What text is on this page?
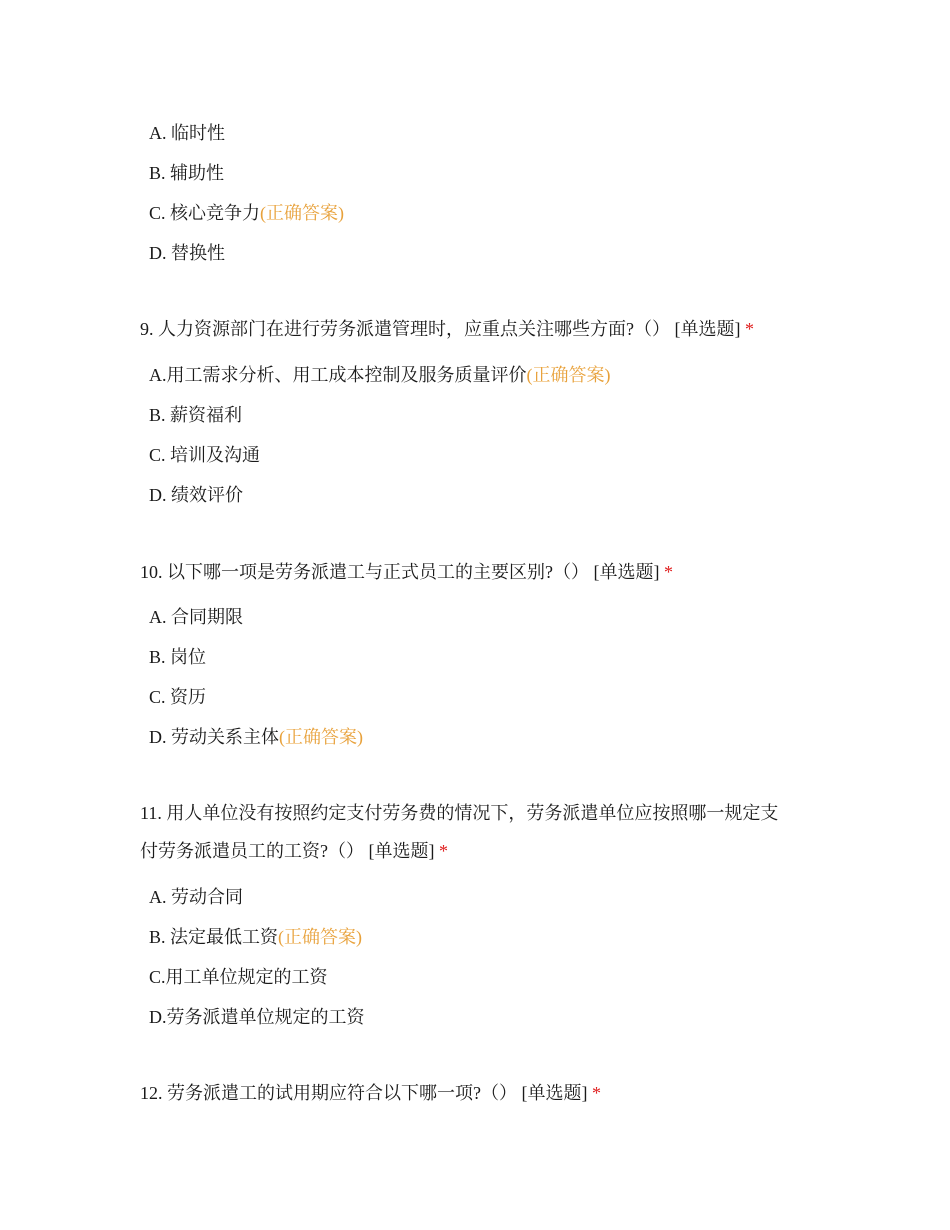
A. 临时性
B. 辅助性
C. 核心竞争力(正确答案)
D. 替换性
9. 人力资源部门在进行劳务派遣管理时，应重点关注哪些方面?（） [单选题] *
A.用工需求分析、用工成本控制及服务质量评价(正确答案)
B. 薪资福利
C. 培训及沟通
D. 绩效评价
10. 以下哪一项是劳务派遣工与正式员工的主要区别?（） [单选题] *
A. 合同期限
B. 岗位
C. 资历
D. 劳动关系主体(正确答案)
11. 用人单位没有按照约定支付劳务费的情况下，劳务派遣单位应按照哪一规定支
付劳务派遣员工的工资?（） [单选题] *
A. 劳动合同
B. 法定最低工资(正确答案)
C.用工单位规定的工资
D.劳务派遣单位规定的工资
12. 劳务派遣工的试用期应符合以下哪一项?（） [单选题] *
